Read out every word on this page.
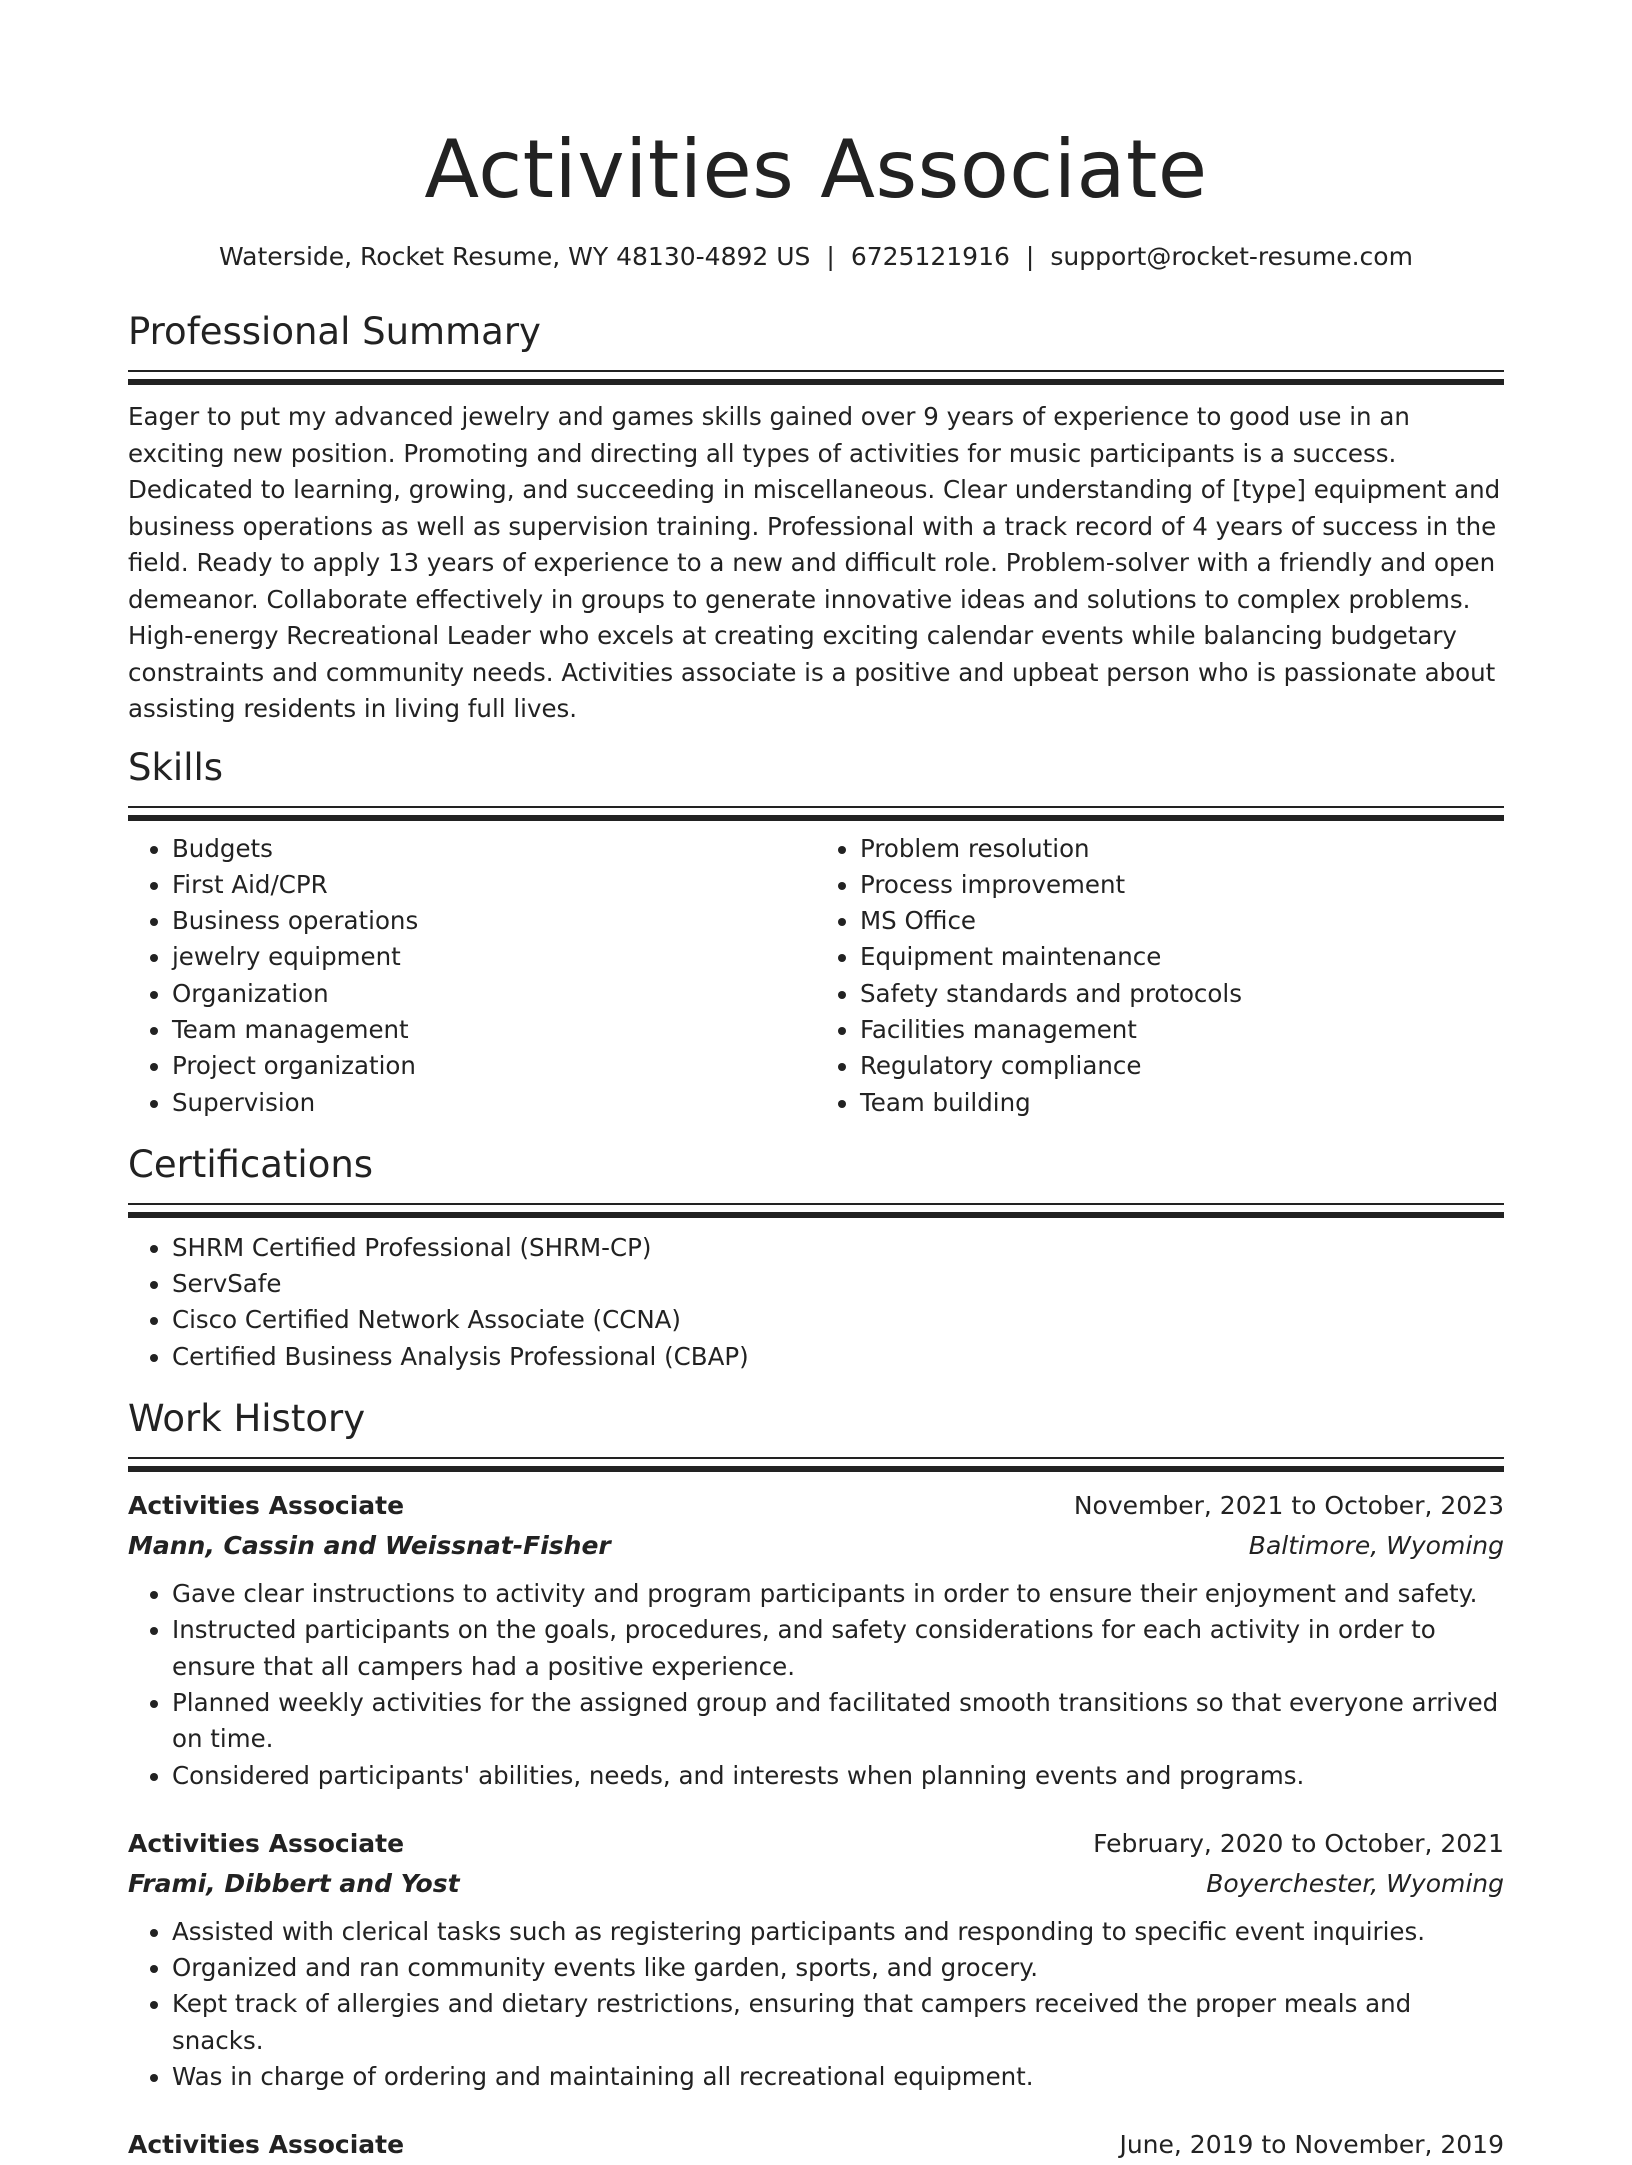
Activities Associate
Waterside, Rocket Resume, WY 48130-4892 US | 6725121916 | support@rocket-resume.com
Professional Summary

Eager to put my advanced jewelry and games skills gained over 9 years of experience to good use in an exciting new position. Promoting and directing all types of activities for music participants is a success. Dedicated to learning, growing, and succeeding in miscellaneous. Clear understanding of [type] equipment and business operations as well as supervision training. Professional with a track record of 4 years of success in the field. Ready to apply 13 years of experience to a new and difficult role. Problem-solver with a friendly and open demeanor. Collaborate effectively in groups to generate innovative ideas and solutions to complex problems. High-energy Recreational Leader who excels at creating exciting calendar events while balancing budgetary constraints and community needs. Activities associate is a positive and upbeat person who is passionate about assisting residents in living full lives.

Skills
• Budgets
• First Aid/CPR
• Business operations
• jewelry equipment
• Organization
• Team management
• Project organization
• Supervision
• Problem resolution
• Process improvement
• MS Office
• Equipment maintenance
• Safety standards and protocols
• Facilities management
• Regulatory compliance
• Team building
Certifications
• SHRM Certified Professional (SHRM-CP)
• ServSafe
• Cisco Certified Network Associate (CCNA)
• Certified Business Analysis Professional (CBAP)
Work History
Activities Associate	November, 2021 to October, 2023
Mann, Cassin and Weissnat-Fisher	Baltimore, Wyoming
• Gave clear instructions to activity and program participants in order to ensure their enjoyment and safety.
• Instructed participants on the goals, procedures, and safety considerations for each activity in order to ensure that all campers had a positive experience.
• Planned weekly activities for the assigned group and facilitated smooth transitions so that everyone arrived on time.
• Considered participants' abilities, needs, and interests when planning events and programs.
Activities Associate	February, 2020 to October, 2021
Frami, Dibbert and Yost	Boyerchester, Wyoming
• Assisted with clerical tasks such as registering participants and responding to specific event inquiries.
• Organized and ran community events like garden, sports, and grocery.
• Kept track of allergies and dietary restrictions, ensuring that campers received the proper meals and snacks.
• Was in charge of ordering and maintaining all recreational equipment.
Activities Associate	June, 2019 to November, 2019
